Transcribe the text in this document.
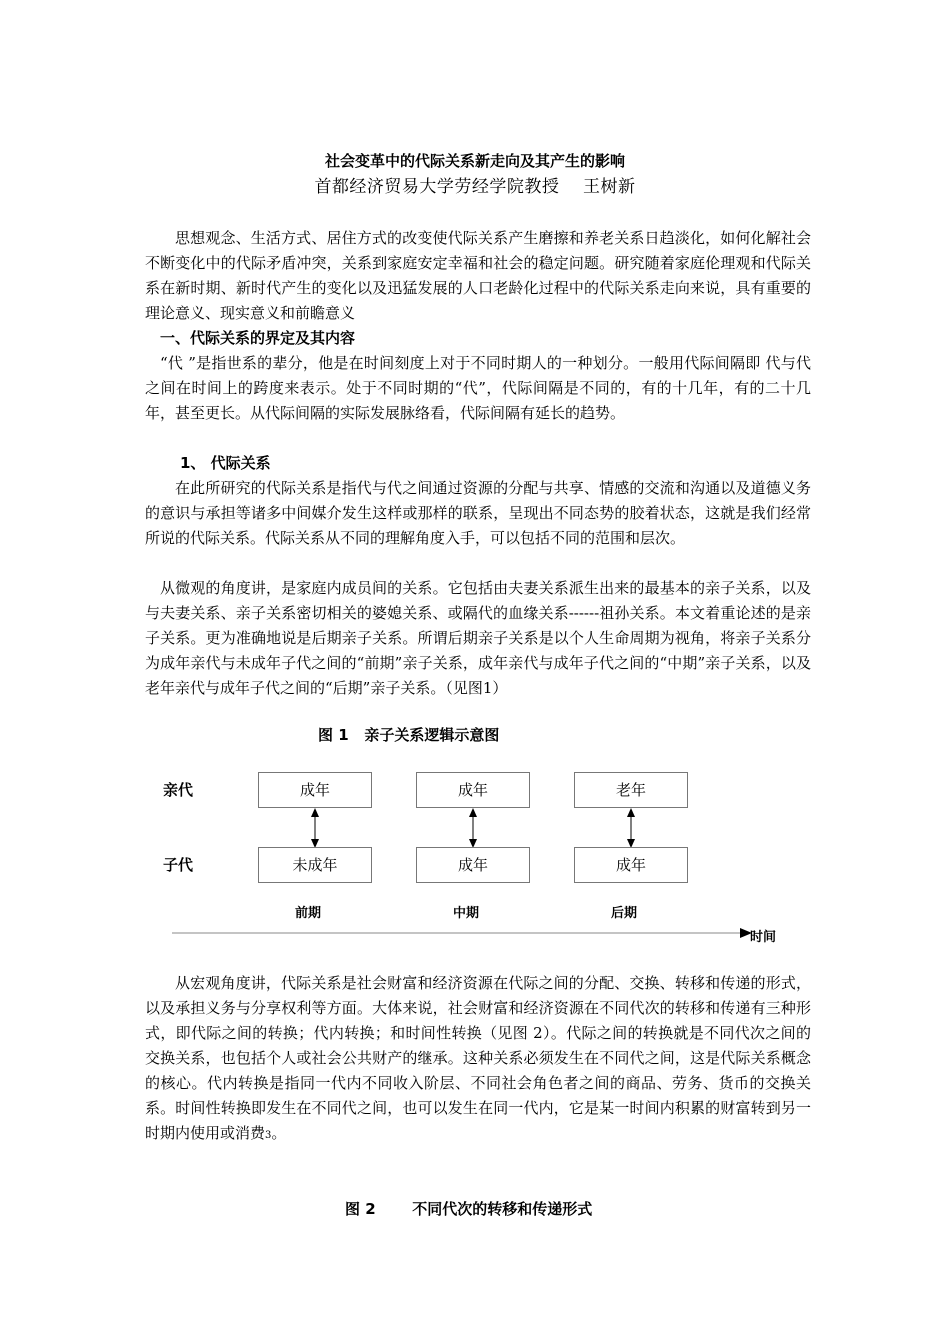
社会变革中的代际关系新走向及其产生的影响
首都经济贸易大学劳经学院教授    王树新
思想观念、生活方式、居住方式的改变使代际关系产生磨擦和养老关系日趋淡化，如何化解社会不断变化中的代际矛盾冲突，关系到家庭安定幸福和社会的稳定问题。研究随着家庭伦理观和代际关系在新时期、新时代产生的变化以及迅猛发展的人口老龄化过程中的代际关系走向来说，具有重要的理论意义、现实意义和前瞻意义
一、代际关系的界定及其内容
“代 ”是指世系的辈分，他是在时间刻度上对于不同时期人的一种划分。一般用代际间隔即 代与代之间在时间上的跨度来表示。处于不同时期的“代”，代际间隔是不同的，有的十几年，有的二十几年，甚至更长。从代际间隔的实际发展脉络看，代际间隔有延长的趋势。
1、 代际关系
在此所研究的代际关系是指代与代之间通过资源的分配与共享、情感的交流和沟通以及道德义务的意识与承担等诸多中间媒介发生这样或那样的联系，呈现出不同态势的胶着状态，这就是我们经常所说的代际关系。代际关系从不同的理解角度入手，可以包括不同的范围和层次。
从微观的角度讲，是家庭内成员间的关系。它包括由夫妻关系派生出来的最基本的亲子关系，以及与夫妻关系、亲子关系密切相关的婆媳关系、或隔代的血缘关系------祖孙关系。本文着重论述的是亲子关系。更为准确地说是后期亲子关系。所谓后期亲子关系是以个人生命周期为视角，将亲子关系分为成年亲代与未成年子代之间的“前期”亲子关系，成年亲代与成年子代之间的“中期”亲子关系，以及老年亲代与成年子代之间的“后期”亲子关系。（见图1）
图 1   亲子关系逻辑示意图
亲代
子代
成年	成年	老年
未成年	成年	成年
前期	中期	后期
时间
从宏观角度讲，代际关系是社会财富和经济资源在代际之间的分配、交换、转移和传递的形式，以及承担义务与分享权利等方面。大体来说，社会财富和经济资源在不同代次的转移和传递有三种形式，即代际之间的转换；代内转换；和时间性转换（见图 2）。代际之间的转换就是不同代次之间的交换关系，也包括个人或社会公共财产的继承。这种关系必须发生在不同代之间，这是代际关系概念的核心。代内转换是指同一代内不同收入阶层、不同社会角色者之间的商品、劳务、货币的交换关系。时间性转换即发生在不同代之间，也可以发生在同一代内，它是某一时间内积累的财富转到另一时期内使用或消费3。
图 2       不同代次的转移和传递形式
